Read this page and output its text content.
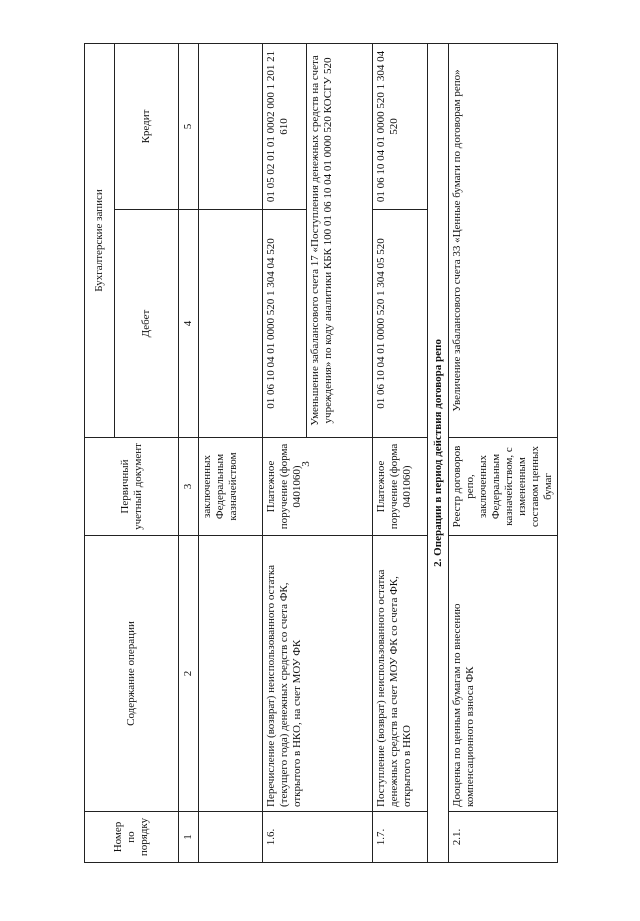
3
Номер по порядку	Содержание операции	Первичный учетный документ	Бухгалтерские записи	
			Дебет	Кредит
1	2	3	4	5
		заключенных Федеральным казначейством		
1.6.	Перечисление (возврат) неиспользованного остатка (текущего года) денежных средств со счета ФК, открытого в НКО, на счет МОУ ФК	Платежное поручение (форма 0401060)	01 06 10 04 01 0000 520 1 304 04 520	01 05 02 01 01 0002 000 1 201 21 610
			Уменьшение забалансового счета 17 «Поступления денежных средств на счета учреждения» по коду аналитики КБК 100 01 06 10 04 01 0000 520 КОСГУ 520	
1.7.	Поступление (возврат) неиспользованного остатка денежных средств на счет МОУ ФК со счета ФК, открытого в НКО	Платежное поручение (форма 0401060)	01 06 10 04 01 0000 520 1 304 05 520	01 06 10 04 01 0000 520 1 304 04 520
2. Операции в период действия договора репо				
2.1.	Дооценка по ценным бумагам по внесению компенсационного взноса ФК	Реестр договоров репо, заключенных Федеральным казначейством, с измененным составом ценных бумаг	Увеличение забалансового счета 33 «Ценные бумаги по договорам репо»	
